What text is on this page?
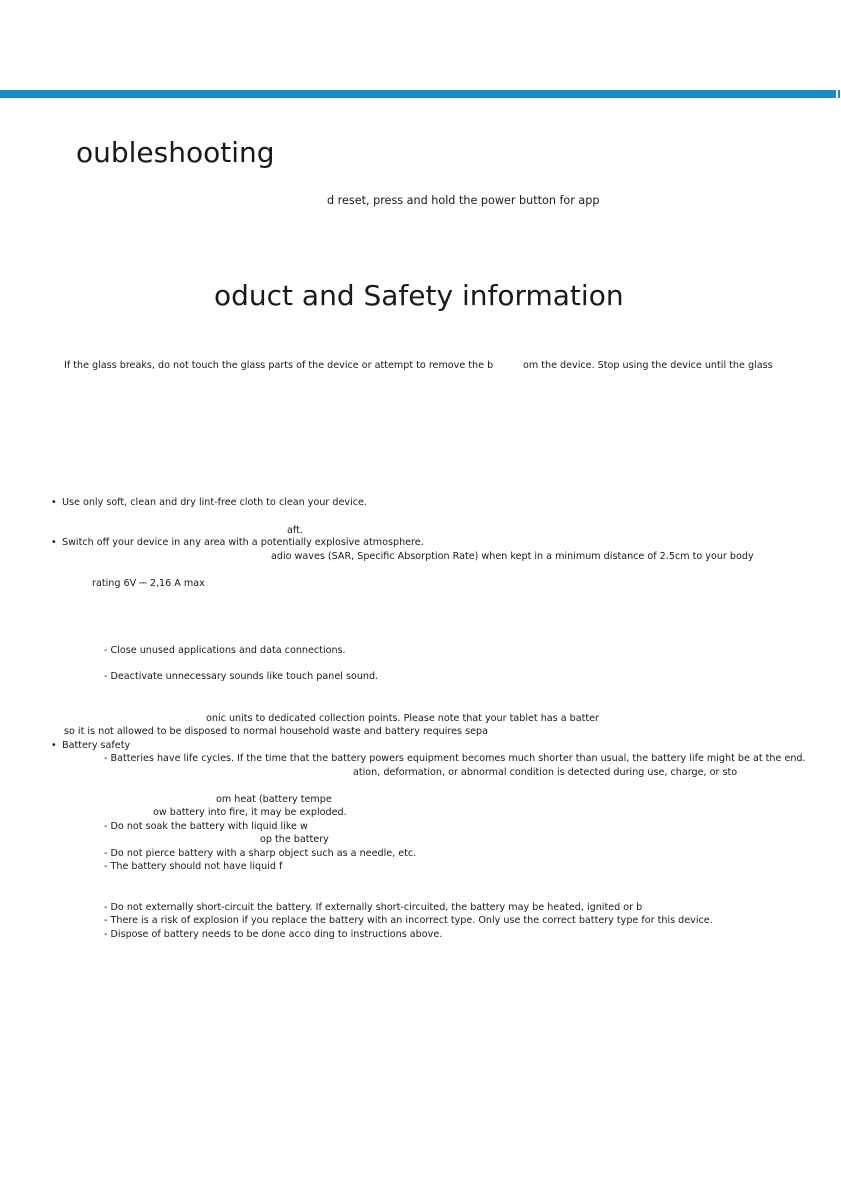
oubleshooting

d reset, press and hold the power button for app

oduct and Safety information

If the glass breaks, do not touch the glass parts of the device or attempt to remove the b	om the device. Stop using the device until the glass

• Use only soft, clean and dry lint-free cloth to clean your device.

aft.

• Switch off your device in any area with a potentially explosive atmosphere.

adio waves (SAR, Specific Absorption Rate) when kept in a minimum distance of 2.5cm to your body

rating 6V ⎓ 2,16 A max

- Close unused applications and data connections.

- Deactivate unnecessary sounds like touch panel sound.

onic units to dedicated collection points. Please note that your tablet has a batter

so it is not allowed to be disposed to normal household waste and battery requires sepa

• Battery safety

- Batteries have life cycles. If the time that the battery powers equipment becomes much shorter than usual, the battery life might be at the end.

ation, deformation, or abnormal condition is detected during use, charge, or sto

om heat (battery tempe

ow battery into fire, it may be exploded.

- Do not soak the battery with liquid like w

op the battery

- Do not pierce battery with a sharp object such as a needle, etc.

- The battery should not have liquid f

- Do not externally short-circuit the battery. If externally short-circuited, the battery may be heated, ignited or b

- There is a risk of explosion if you replace the battery with an incorrect type. Only use the correct battery type for this device.

- Dispose of battery needs to be done acco ding to instructions above.
